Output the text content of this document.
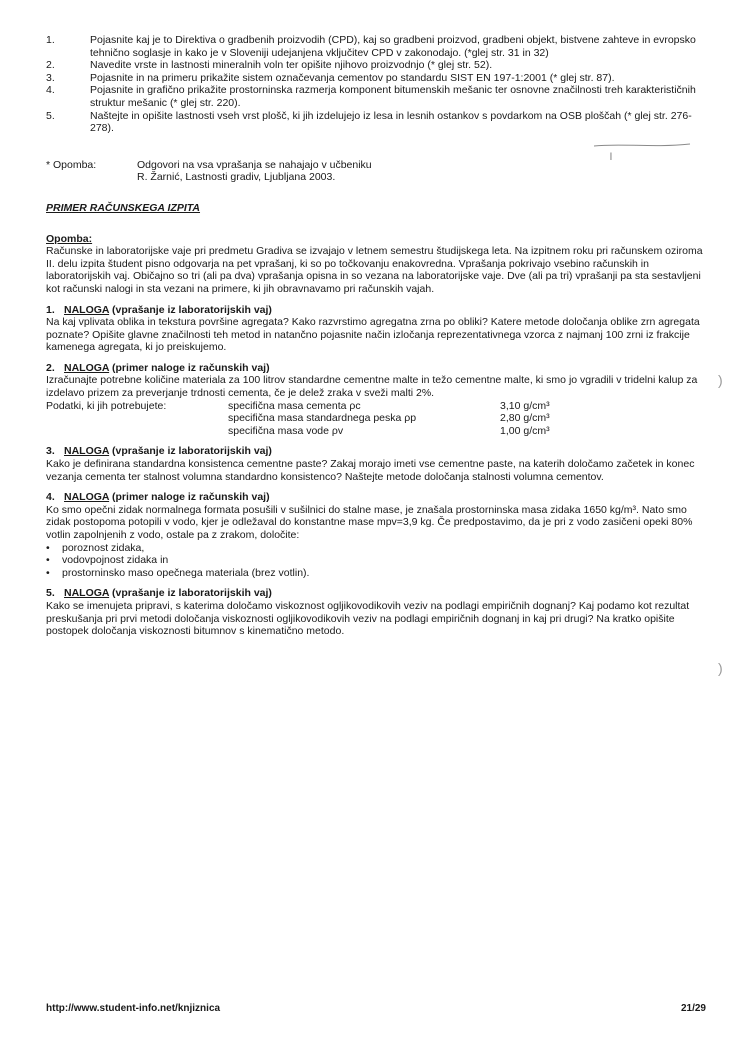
1.	Pojasnite kaj je to Direktiva o gradbenih proizvodih (CPD), kaj so gradbeni proizvod, gradbeni objekt, bistvene zahteve in evropsko tehnično soglasje in kako je v Sloveniji udejanjena vključitev CPD v zakonodajo. (*glej str. 31 in 32)
2.	Navedite vrste in lastnosti mineralnih voln ter opišite njihovo proizvodnjo (* glej str. 52).
3.	Pojasnite in na primeru prikažite sistem označevanja cementov po standardu SIST EN 197-1:2001 (* glej str. 87).
4.	Pojasnite in grafično prikažite prostorninska razmerja komponent bitumenskih mešanic ter osnovne značilnosti treh karakterističnih struktur mešanic (* glej str. 220).
5.	Naštejte in opišite lastnosti vseh vrst plošč, ki jih izdelujejo iz lesa in lesnih ostankov s povdarkom na OSB ploščah (* glej str. 276-278).
* Opomba:	Odgovori na vsa vprašanja se nahajajo v učbeniku
R. Žarnić, Lastnosti gradiv, Ljubljana 2003.
PRIMER RAČUNSKEGA IZPITA
Opomba:
Računske in laboratorijske vaje pri predmetu Gradiva se izvajajo v letnem semestru študijskega leta. Na izpitnem roku pri računskem oziroma II. delu izpita študent pisno odgovarja na pet vprašanj, ki so po točkovanju enakovredna. Vprašanja pokrivajo vsebino računskih in laboratorijskih vaj. Običajno so tri (ali pa dva) vprašanja opisna in so vezana na laboratorijske vaje. Dve (ali pa tri) vprašanji pa sta sestavljeni kot računski nalogi in sta vezani na primere, ki jih obravnavamo pri računskih vajah.
1. NALOGA (vprašanje iz laboratorijskih vaj)
Na kaj vplivata oblika in tekstura površine agregata? Kako razvrstimo agregatna zrna po obliki? Katere metode določanja oblike zrn agregata poznate? Opišite glavne značilnosti teh metod in natančno pojasnite način izločanja reprezentativnega vzorca z najmanj 100 zrni iz frakcije kamenega agregata, ki jo preiskujemo.
2. NALOGA (primer naloge iz računskih vaj)
Izračunajte potrebne količine materiala za 100 litrov standardne cementne malte in težo cementne malte, ki smo jo vgradili v tridelni kalup za izdelavo prizem za preverjanje trdnosti cementa, če je delež zraka v sveži malti 2%.
Podatki, ki jih potrebujete:	specifična masa cementa ρc	3,10 g/cm³
specifična masa standardnega peska ρp	2,80 g/cm³
specifična masa vode ρv	1,00 g/cm³
3. NALOGA (vprašanje iz laboratorijskih vaj)
Kako je definirana standardna konsistenca cementne paste? Zakaj morajo imeti vse cementne paste, na katerih določamo začetek in konec vezanja cementa ter stalnost volumna standardno konsistenco? Naštejte metode določanja stalnosti volumna cementov.
4. NALOGA (primer naloge iz računskih vaj)
Ko smo opečni zidak normalnega formata posušili v sušilnici do stalne mase, je znašala prostorninska masa zidaka 1650 kg/m³. Nato smo zidak postopoma potopili v vodo, kjer je odležaval do konstantne mase mpv=3,9 kg. Če predpostavimo, da je pri z vodo zasičeni opeki 80% votlin zapolnjenih z vodo, ostale pa z zrakom, določite:
• poroznost zidaka,
• vodovpojnost zidaka in
• prostorninsko maso opečnega materiala (brez votlin).
5. NALOGA (vprašanje iz laboratorijskih vaj)
Kako se imenujeta pripravi, s katerima določamo viskoznost ogljikovodikovih veziv na podlagi empiričnih dognanj? Kaj podamo kot rezultat preskušanja pri prvi metodi določanja viskoznosti ogljikovodikovih veziv na podlagi empiričnih dognanj in kaj pri drugi? Na kratko opišite postopek določanja viskoznosti bitumnov s kinematično metodo.
ı
)
)
http://www.student-info.net/knjiznica	21/29
